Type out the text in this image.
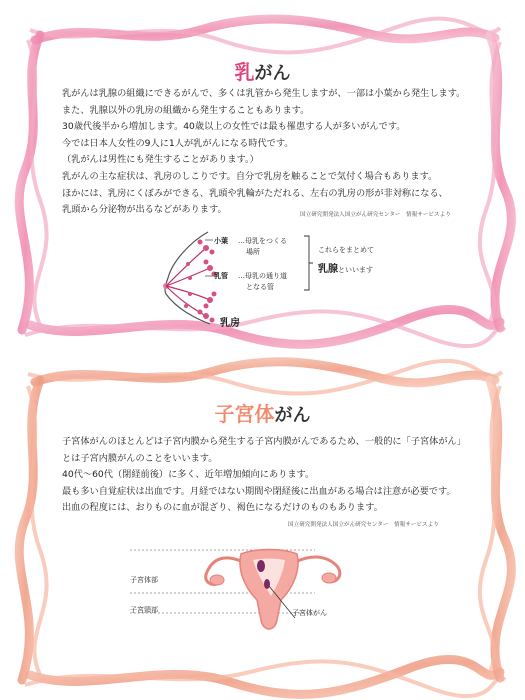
乳がん
乳がんは乳腺の組織にできるがんで、多くは乳管から発生しますが、一部は小葉から発生します。
また、乳腺以外の乳房の組織から発生することもあります。
30歳代後半から増加します。40歳以上の女性では最も罹患する人が多いがんです。
今では日本人女性の9人に1人が乳がんになる時代です。
（乳がんは男性にも発生することがあります。）
乳がんの主な症状は、乳房のしこりです。自分で乳房を触ることで気付く場合もあります。
ほかには、乳房にくぼみができる、乳頭や乳輪がただれる、左右の乳房の形が非対称になる、
乳頭から分泌物が出るなどがあります。	国立研究開発法人国立がん研究センター　情報サービスより
小葉 …母乳をつくる
場所
乳管 …母乳の通り道
となる管
これらをまとめて
乳腺といいます
乳房
子宮体がん
子宮体がんのほとんどは子宮内膜から発生する子宮内膜がんであるため、一般的に「子宮体がん」
とは子宮内膜がんのことをいいます。
40代〜60代（閉経前後）に多く、近年増加傾向にあります。
最も多い自覚症状は出血です。月経ではない期間や閉経後に出血がある場合は注意が必要です。
出血の程度には、おりものに血が混ざり、褐色になるだけのものもあります。
国立研究開発法人国立がん研究センター　情報サービスより
子宮体部
子宮頸部	子宮体がん
